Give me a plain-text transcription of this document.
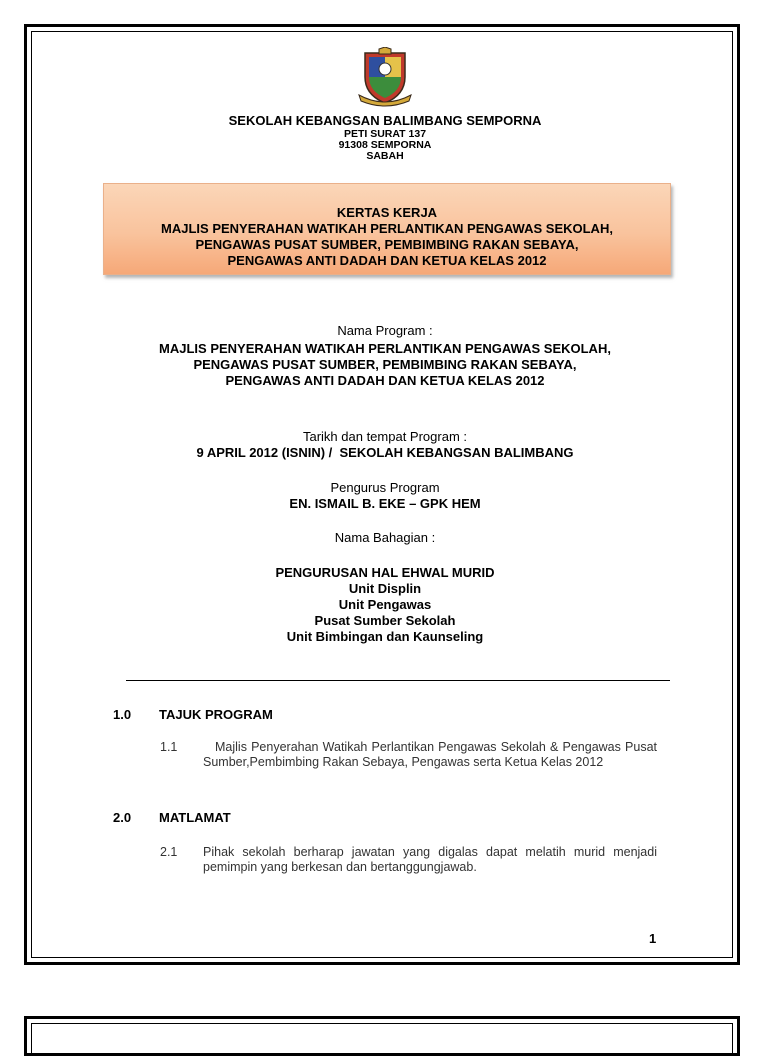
SEKOLAH KEBANGSAN BALIMBANG SEMPORNA
PETI SURAT 137
91308 SEMPORNA
SABAH
KERTAS KERJA
MAJLIS PENYERAHAN WATIKAH PERLANTIKAN PENGAWAS SEKOLAH,
PENGAWAS PUSAT SUMBER, PEMBIMBING RAKAN SEBAYA,
PENGAWAS ANTI DADAH DAN KETUA KELAS 2012
Nama Program :
MAJLIS PENYERAHAN WATIKAH PERLANTIKAN PENGAWAS SEKOLAH,
PENGAWAS PUSAT SUMBER, PEMBIMBING RAKAN SEBAYA,
PENGAWAS ANTI DADAH DAN KETUA KELAS 2012
Tarikh dan tempat Program :
9 APRIL 2012 (ISNIN) /  SEKOLAH KEBANGSAN BALIMBANG
Pengurus Program
EN. ISMAIL B. EKE – GPK HEM
Nama Bahagian :
PENGURUSAN HAL EHWAL MURID
Unit Displin
Unit Pengawas
Pusat Sumber Sekolah
Unit Bimbingan dan Kaunseling
1.0 TAJUK PROGRAM
1.1	Majlis Penyerahan Watikah Perlantikan Pengawas Sekolah & Pengawas Pusat Sumber,Pembimbing Rakan Sebaya, Pengawas serta Ketua Kelas 2012
2.0 MATLAMAT
2.1 Pihak sekolah berharap jawatan yang digalas dapat melatih murid menjadi pemimpin yang berkesan dan bertanggungjawab.
1
